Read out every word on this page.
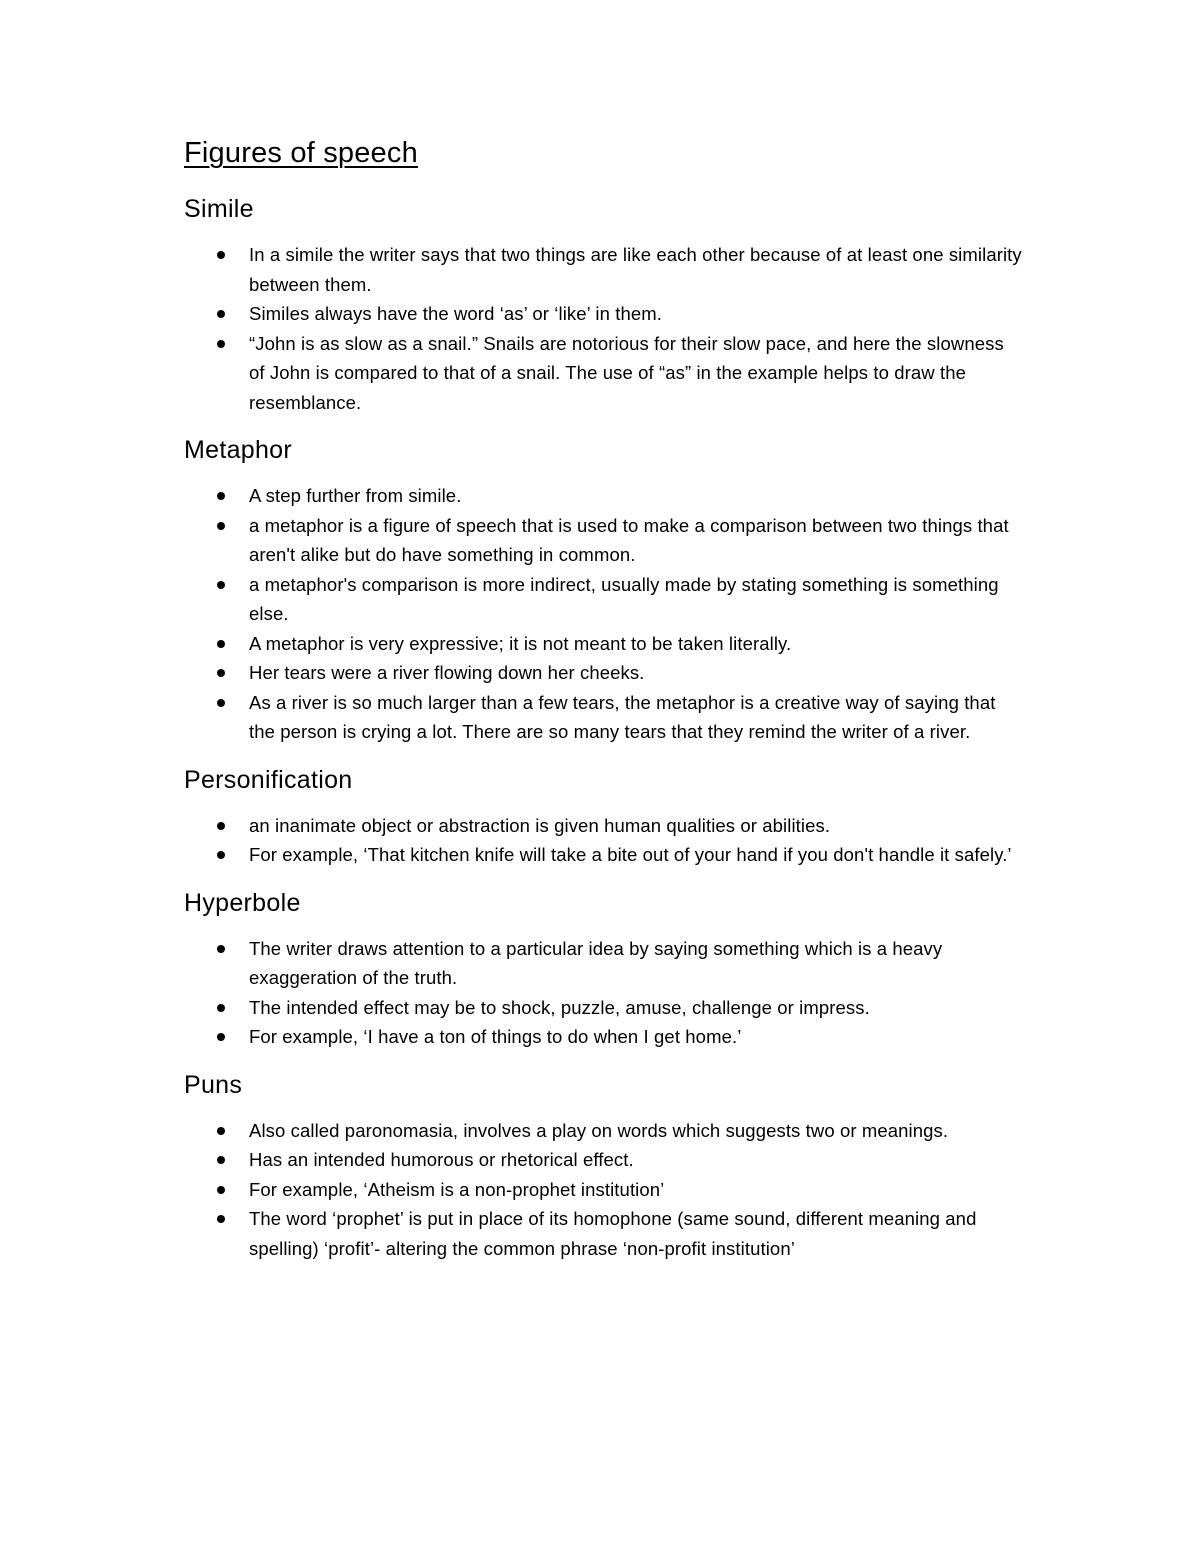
Figures of speech
Simile
In a simile the writer says that two things are like each other because of at least one similarity between them.
Similes always have the word ‘as’ or ‘like’ in them.
“John is as slow as a snail.” Snails are notorious for their slow pace, and here the slowness of John is compared to that of a snail. The use of “as” in the example helps to draw the resemblance.
Metaphor
A step further from simile.
a metaphor is a figure of speech that is used to make a comparison between two things that aren't alike but do have something in common.
a metaphor's comparison is more indirect, usually made by stating something is something else.
A metaphor is very expressive; it is not meant to be taken literally.
Her tears were a river flowing down her cheeks.
As a river is so much larger than a few tears, the metaphor is a creative way of saying that the person is crying a lot. There are so many tears that they remind the writer of a river.
Personification
an inanimate object or abstraction is given human qualities or abilities.
For example, ‘That kitchen knife will take a bite out of your hand if you don't handle it safely.’
Hyperbole
The writer draws attention to a particular idea by saying something which is a heavy exaggeration of the truth.
The intended effect may be to shock, puzzle, amuse, challenge or impress.
For example, ‘I have a ton of things to do when I get home.’
Puns
Also called paronomasia, involves a play on words which suggests two or meanings.
Has an intended humorous or rhetorical effect.
For example, ‘Atheism is a non-prophet institution’
The word ‘prophet’ is put in place of its homophone (same sound, different meaning and spelling) ‘profit’- altering the common phrase ‘non-profit institution’
